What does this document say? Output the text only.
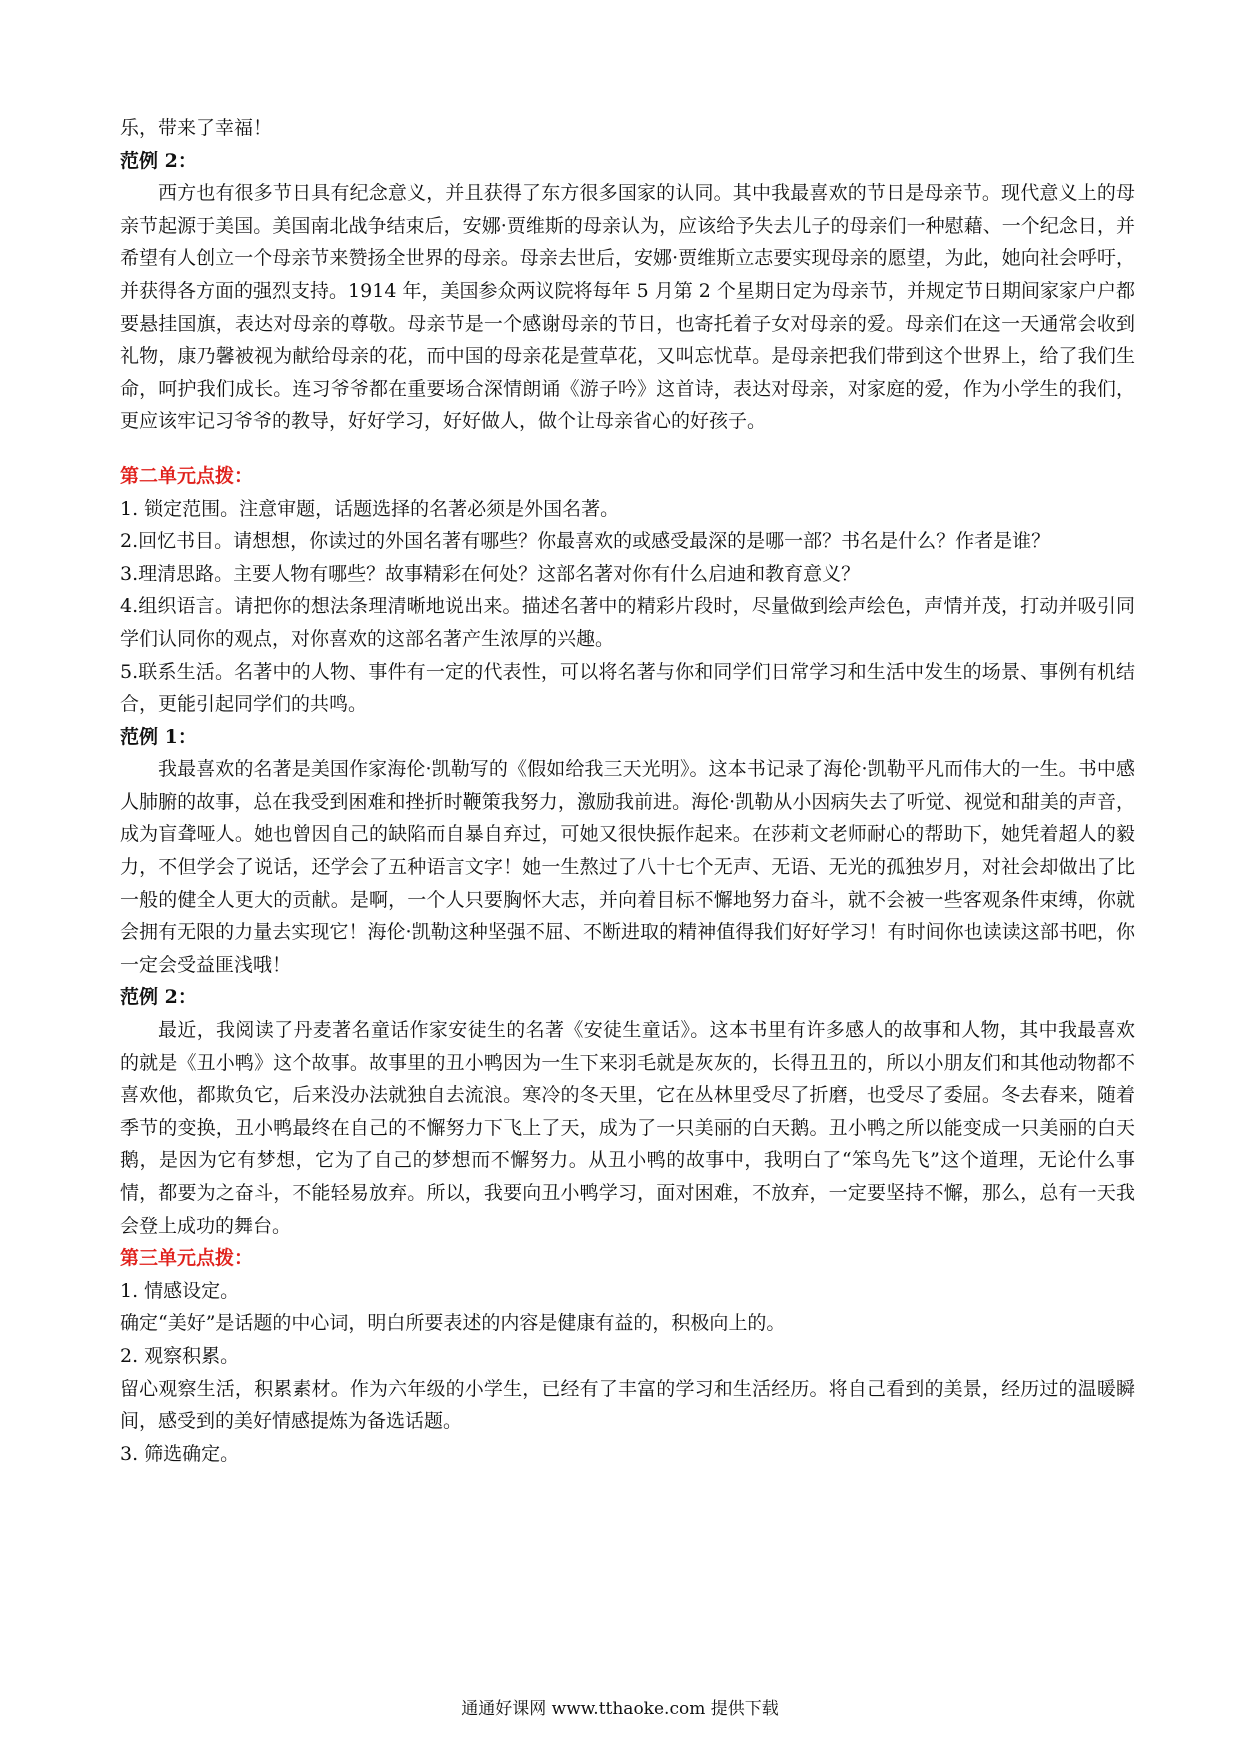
乐，带来了幸福！

范例 2：

西方也有很多节日具有纪念意义，并且获得了东方很多国家的认同。其中我最喜欢的节日是母亲节。现代意义上的母亲节起源于美国。美国南北战争结束后，安娜·贾维斯的母亲认为，应该给予失去儿子的母亲们一种慰藉、一个纪念日，并希望有人创立一个母亲节来赞扬全世界的母亲。母亲去世后，安娜·贾维斯立志要实现母亲的愿望，为此，她向社会呼吁，并获得各方面的强烈支持。1914 年，美国参众两议院将每年 5 月第 2 个星期日定为母亲节，并规定节日期间家家户户都要悬挂国旗，表达对母亲的尊敬。母亲节是一个感谢母亲的节日，也寄托着子女对母亲的爱。母亲们在这一天通常会收到礼物，康乃馨被视为献给母亲的花，而中国的母亲花是萱草花，又叫忘忧草。是母亲把我们带到这个世界上，给了我们生命，呵护我们成长。连习爷爷都在重要场合深情朗诵《游子吟》这首诗，表达对母亲，对家庭的爱，作为小学生的我们，更应该牢记习爷爷的教导，好好学习，好好做人，做个让母亲省心的好孩子。

第二单元点拨：

1. 锁定范围。注意审题，话题选择的名著必须是外国名著。

2.回忆书目。请想想，你读过的外国名著有哪些？你最喜欢的或感受最深的是哪一部？书名是什么？作者是谁？

3.理清思路。主要人物有哪些？故事精彩在何处？这部名著对你有什么启迪和教育意义？

4.组织语言。请把你的想法条理清晰地说出来。描述名著中的精彩片段时，尽量做到绘声绘色，声情并茂，打动并吸引同学们认同你的观点，对你喜欢的这部名著产生浓厚的兴趣。

5.联系生活。名著中的人物、事件有一定的代表性，可以将名著与你和同学们日常学习和生活中发生的场景、事例有机结合，更能引起同学们的共鸣。

范例 1：

我最喜欢的名著是美国作家海伦·凯勒写的《假如给我三天光明》。这本书记录了海伦·凯勒平凡而伟大的一生。书中感人肺腑的故事，总在我受到困难和挫折时鞭策我努力，激励我前进。海伦·凯勒从小因病失去了听觉、视觉和甜美的声音，成为盲聋哑人。她也曾因自己的缺陷而自暴自弃过，可她又很快振作起来。在莎莉文老师耐心的帮助下，她凭着超人的毅力，不但学会了说话，还学会了五种语言文字！她一生熬过了八十七个无声、无语、无光的孤独岁月，对社会却做出了比一般的健全人更大的贡献。是啊，一个人只要胸怀大志，并向着目标不懈地努力奋斗，就不会被一些客观条件束缚，你就会拥有无限的力量去实现它！海伦·凯勒这种坚强不屈、不断进取的精神值得我们好好学习！有时间你也读读这部书吧，你一定会受益匪浅哦！

范例 2：

最近，我阅读了丹麦著名童话作家安徒生的名著《安徒生童话》。这本书里有许多感人的故事和人物，其中我最喜欢的就是《丑小鸭》这个故事。故事里的丑小鸭因为一生下来羽毛就是灰灰的，长得丑丑的，所以小朋友们和其他动物都不喜欢他，都欺负它，后来没办法就独自去流浪。寒冷的冬天里，它在丛林里受尽了折磨，也受尽了委屈。冬去春来，随着季节的变换，丑小鸭最终在自己的不懈努力下飞上了天，成为了一只美丽的白天鹅。丑小鸭之所以能变成一只美丽的白天鹅，是因为它有梦想，它为了自己的梦想而不懈努力。从丑小鸭的故事中，我明白了“笨鸟先飞”这个道理，无论什么事情，都要为之奋斗，不能轻易放弃。所以，我要向丑小鸭学习，面对困难，不放弃，一定要坚持不懈，那么，总有一天我会登上成功的舞台。

第三单元点拨：

1. 情感设定。

确定“美好”是话题的中心词，明白所要表述的内容是健康有益的，积极向上的。

2. 观察积累。

留心观察生活，积累素材。作为六年级的小学生，已经有了丰富的学习和生活经历。将自己看到的美景，经历过的温暖瞬间，感受到的美好情感提炼为备选话题。

3. 筛选确定。

通通好课网 www.tthaoke.com 提供下载
